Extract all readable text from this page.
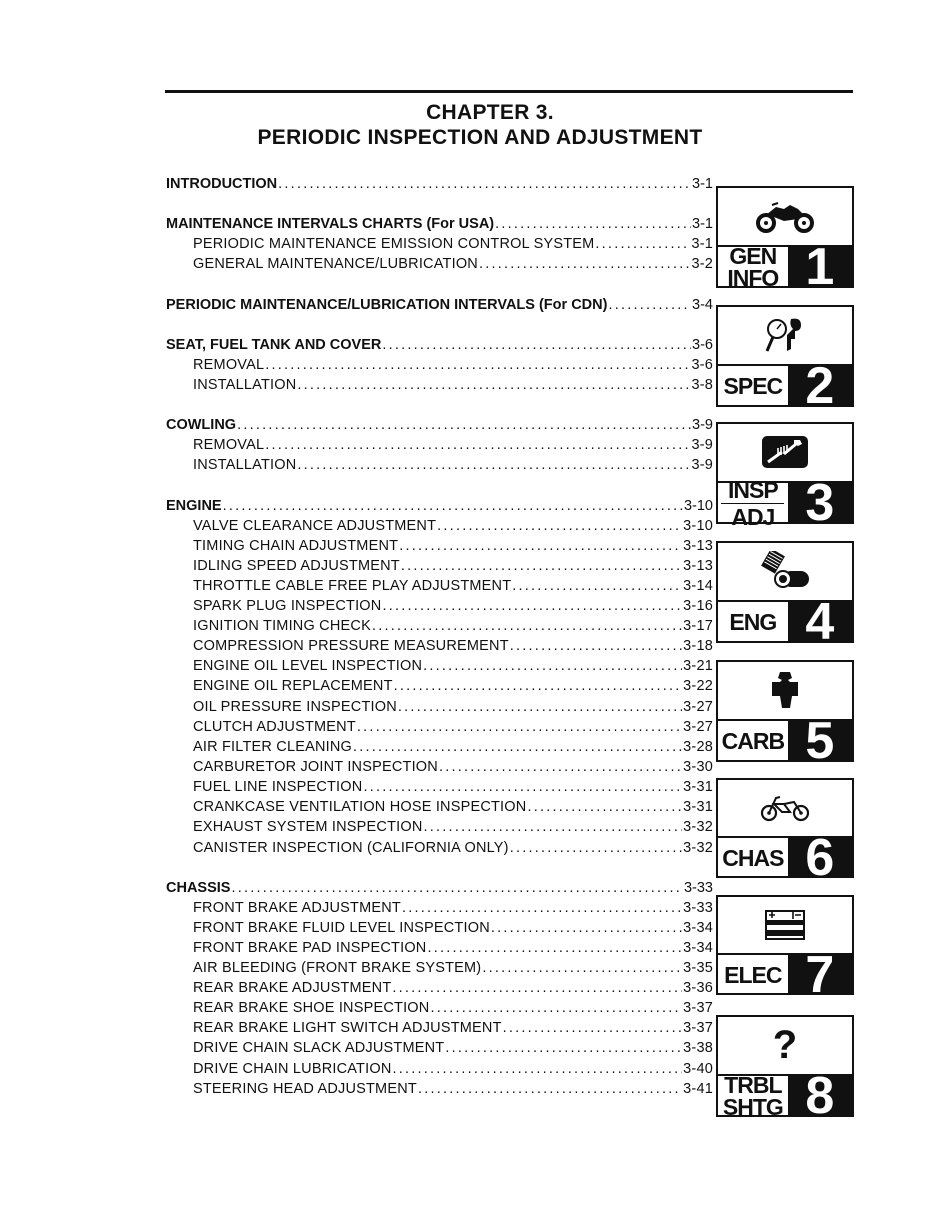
CHAPTER 3.
PERIODIC INSPECTION AND ADJUSTMENT
INTRODUCTION . . .	3-1
MAINTENANCE INTERVALS CHARTS (For USA) . . .	3-1
PERIODIC MAINTENANCE EMISSION CONTROL SYSTEM . . .	3-1
GENERAL MAINTENANCE/LUBRICATION . . .	3-2
PERIODIC MAINTENANCE/LUBRICATION INTERVALS (For CDN) . . .	3-4
SEAT, FUEL TANK AND COVER . . .	3-6
REMOVAL . . .	3-6
INSTALLATION . . .	3-8
COWLING . . .	3-9
REMOVAL . . .	3-9
INSTALLATION . . .	3-9
ENGINE . . .	3-10
VALVE CLEARANCE ADJUSTMENT . . .	3-10
TIMING CHAIN ADJUSTMENT . . .	3-13
IDLING SPEED ADJUSTMENT . . .	3-13
THROTTLE CABLE FREE PLAY ADJUSTMENT . . .	3-14
SPARK PLUG INSPECTION . . .	3-16
IGNITION TIMING CHECK . . .	3-17
COMPRESSION PRESSURE MEASUREMENT . . .	3-18
ENGINE OIL LEVEL INSPECTION . . .	3-21
ENGINE OIL REPLACEMENT . . .	3-22
OIL PRESSURE INSPECTION . . .	3-27
CLUTCH ADJUSTMENT . . .	3-27
AIR FILTER CLEANING . . .	3-28
CARBURETOR JOINT INSPECTION . . .	3-30
FUEL LINE INSPECTION . . .	3-31
CRANKCASE VENTILATION HOSE INSPECTION . . .	3-31
EXHAUST SYSTEM INSPECTION . . .	3-32
CANISTER INSPECTION (CALIFORNIA ONLY) . . .	3-32
CHASSIS . . .	3-33
FRONT BRAKE ADJUSTMENT . . .	3-33
FRONT BRAKE FLUID LEVEL INSPECTION . . .	3-34
FRONT BRAKE PAD INSPECTION . . .	3-34
AIR BLEEDING (FRONT BRAKE SYSTEM) . . .	3-35
REAR BRAKE ADJUSTMENT . . .	3-36
REAR BRAKE SHOE INSPECTION . . .	3-37
REAR BRAKE LIGHT SWITCH ADJUSTMENT . . .	3-37
DRIVE CHAIN SLACK ADJUSTMENT . . .	3-38
DRIVE CHAIN LUBRICATION . . .	3-40
STEERING HEAD ADJUSTMENT . . .	3-41
GEN
INFO 1
SPEC 2
INSP
ADJ 3
ENG 4
CARB 5
CHAS 6
ELEC 7
?
TRBL
SHTG 8
